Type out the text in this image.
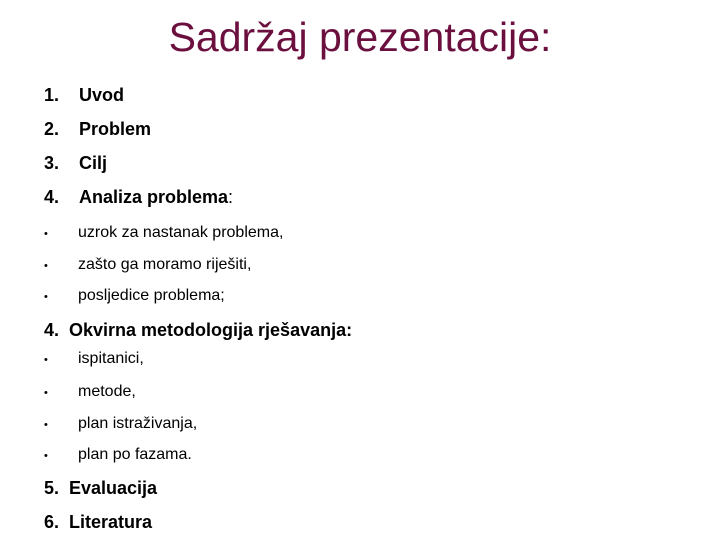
Sadržaj prezentacije:
1. Uvod
2. Problem
3. Cilj
4. Analiza problema:
• uzrok za nastanak problema,
• zašto ga moramo riješiti,
• posljedice problema;
4. Okvirna metodologija rješavanja:
• ispitanici,
• metode,
• plan istraživanja,
• plan po fazama.
5. Evaluacija
6. Literatura
